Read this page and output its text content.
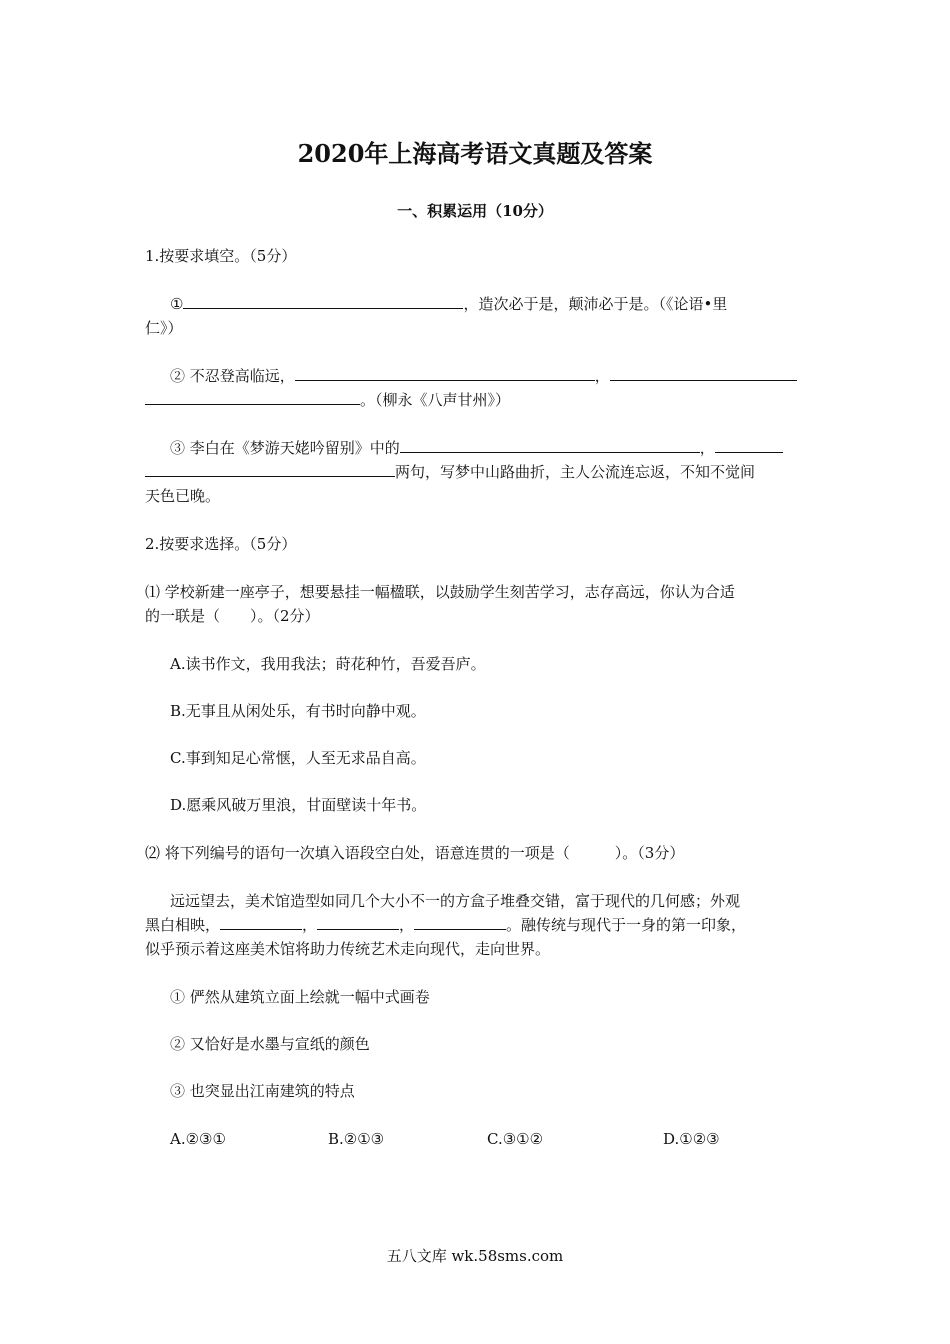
2020年上海高考语文真题及答案
一、积累运用（10分）
1.按要求填空。（5分）
①	，造次必于是，颠沛必于是。（《论语•里
仁》）
② 不忍登高临远，	，
。（柳永《八声甘州》）
③ 李白在《梦游天姥吟留别》中的	，
两句，写梦中山路曲折，主人公流连忘返，不知不觉间
天色已晚。
2.按要求选择。（5分）
⑴ 学校新建一座亭子，想要悬挂一幅楹联，以鼓励学生刻苦学习，志存高远，你认为合适
的一联是（　　）。（2分）
A.读书作文，我用我法；莳花种竹，吾爱吾庐。
B.无事且从闲处乐，有书时向静中观。
C.事到知足心常惬，人至无求品自高。
D.愿乘风破万里浪，甘面壁读十年书。
⑵ 将下列编号的语句一次填入语段空白处，语意连贯的一项是（　　　）。（3分）
远远望去，美术馆造型如同几个大小不一的方盒子堆叠交错，富于现代的几何感；外观
黑白相映，	，	，	。融传统与现代于一身的第一印象，
似乎预示着这座美术馆将助力传统艺术走向现代，走向世界。
① 俨然从建筑立面上绘就一幅中式画卷
② 又恰好是水墨与宣纸的颜色
③ 也突显出江南建筑的特点
A.②③①	B.②①③	C.③①②	D.①②③
五八文库 wk.58sms.com
